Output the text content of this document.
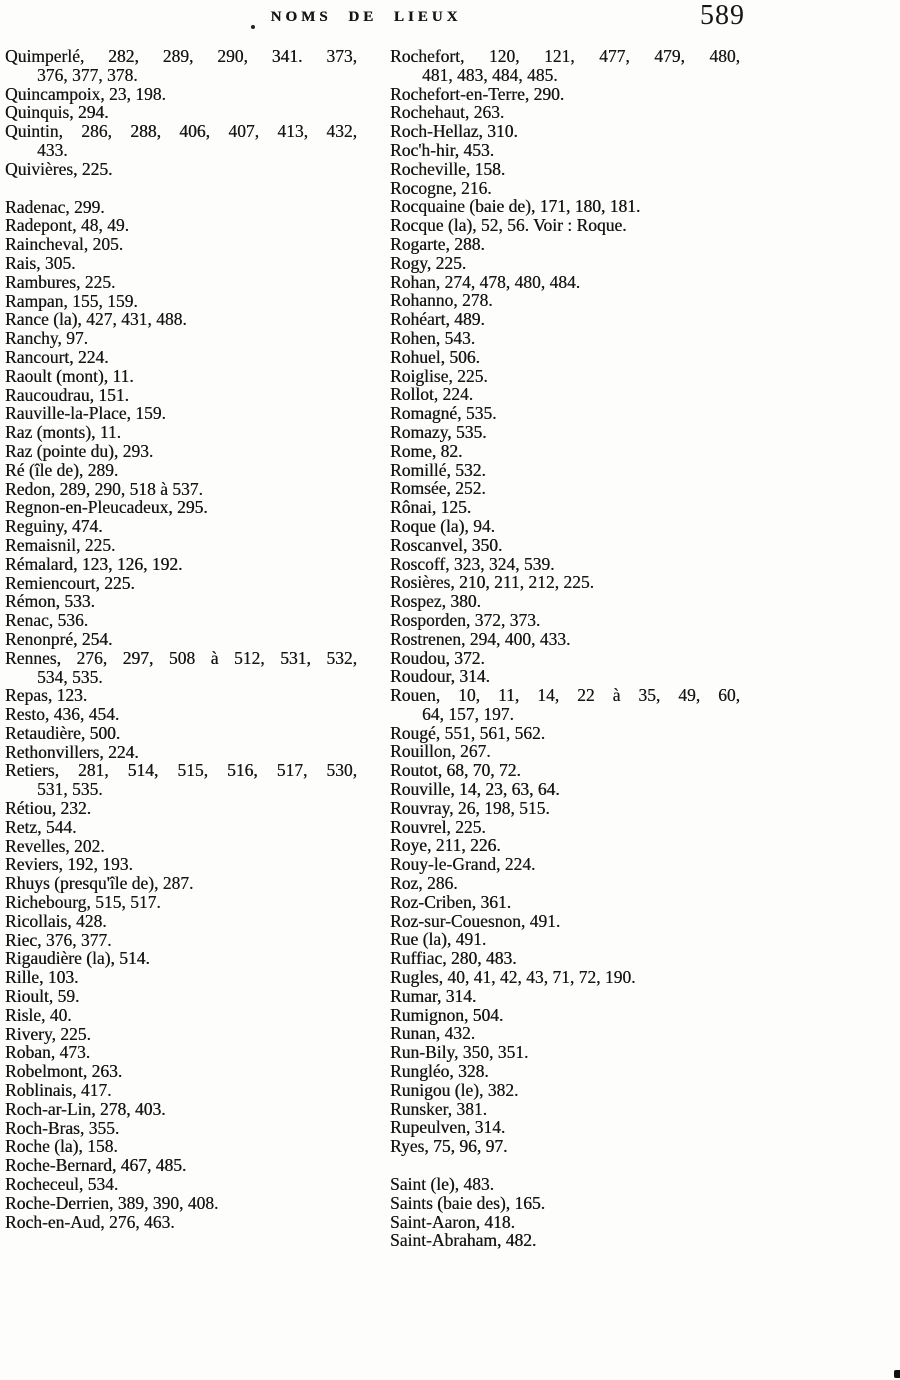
NOMS DE LIEUX	589

Quimperlé, 282, 289, 290, 341. 373,
376, 377, 378.

Quincampoix, 23, 198.

Quinquis, 294.

Quintin, 286, 288, 406, 407, 413, 432,
433.

Quivières, 225.

Radenac, 299.

Radepont, 48, 49.

Raincheval, 205.

Rais, 305.

Rambures, 225.

Rampan, 155, 159.

Rance (la), 427, 431, 488.

Ranchy, 97.

Rancourt, 224.

Raoult (mont), 11.

Raucoudrau, 151.

Rauville-la-Place, 159.

Raz (monts), 11.

Raz (pointe du), 293.

Ré (île de), 289.

Redon, 289, 290, 518 à 537.

Regnon-en-Pleucadeux, 295.

Reguiny, 474.

Remaisnil, 225.

Rémalard, 123, 126, 192.

Remiencourt, 225.

Rémon, 533.

Renac, 536.

Renonpré, 254.

Rennes, 276, 297, 508 à 512, 531, 532,
534, 535.

Repas, 123.

Resto, 436, 454.

Retaudière, 500.

Rethonvillers, 224.

Retiers, 281, 514, 515, 516, 517, 530,
531, 535.

Rétiou, 232.

Retz, 544.

Revelles, 202.

Reviers, 192, 193.

Rhuys (presqu'île de), 287.

Richebourg, 515, 517.

Ricollais, 428.

Riec, 376, 377.

Rigaudière (la), 514.

Rille, 103.

Rioult, 59.

Risle, 40.

Rivery, 225.

Roban, 473.

Robelmont, 263.

Roblinais, 417.

Roch-ar-Lin, 278, 403.

Roch-Bras, 355.

Roche (la), 158.

Roche-Bernard, 467, 485.

Rocheceul, 534.

Roche-Derrien, 389, 390, 408.

Roch-en-Aud, 276, 463.

Rochefort, 120, 121, 477, 479, 480,
481, 483, 484, 485.

Rochefort-en-Terre, 290.

Rochehaut, 263.

Roch-Hellaz, 310.

Roc'h-hir, 453.

Rocheville, 158.

Rocogne, 216.

Rocquaine (baie de), 171, 180, 181.

Rocque (la), 52, 56. Voir : Roque.

Rogarte, 288.

Rogy, 225.

Rohan, 274, 478, 480, 484.

Rohanno, 278.

Rohéart, 489.

Rohen, 543.

Rohuel, 506.

Roiglise, 225.

Rollot, 224.

Romagné, 535.

Romazy, 535.

Rome, 82.

Romillé, 532.

Romsée, 252.

Rônai, 125.

Roque (la), 94.

Roscanvel, 350.

Roscoff, 323, 324, 539.

Rosières, 210, 211, 212, 225.

Rospez, 380.

Rosporden, 372, 373.

Rostrenen, 294, 400, 433.

Roudou, 372.

Roudour, 314.

Rouen, 10, 11, 14, 22 à 35, 49, 60,
64, 157, 197.

Rougé, 551, 561, 562.

Rouillon, 267.

Routot, 68, 70, 72.

Rouville, 14, 23, 63, 64.

Rouvray, 26, 198, 515.

Rouvrel, 225.

Roye, 211, 226.

Rouy-le-Grand, 224.

Roz, 286.

Roz-Criben, 361.

Roz-sur-Couesnon, 491.

Rue (la), 491.

Ruffiac, 280, 483.

Rugles, 40, 41, 42, 43, 71, 72, 190.

Rumar, 314.

Rumignon, 504.

Runan, 432.

Run-Bily, 350, 351.

Rungléo, 328.

Runigou (le), 382.

Runsker, 381.

Rupeulven, 314.

Ryes, 75, 96, 97.

Saint (le), 483.

Saints (baie des), 165.

Saint-Aaron, 418.

Saint-Abraham, 482.
